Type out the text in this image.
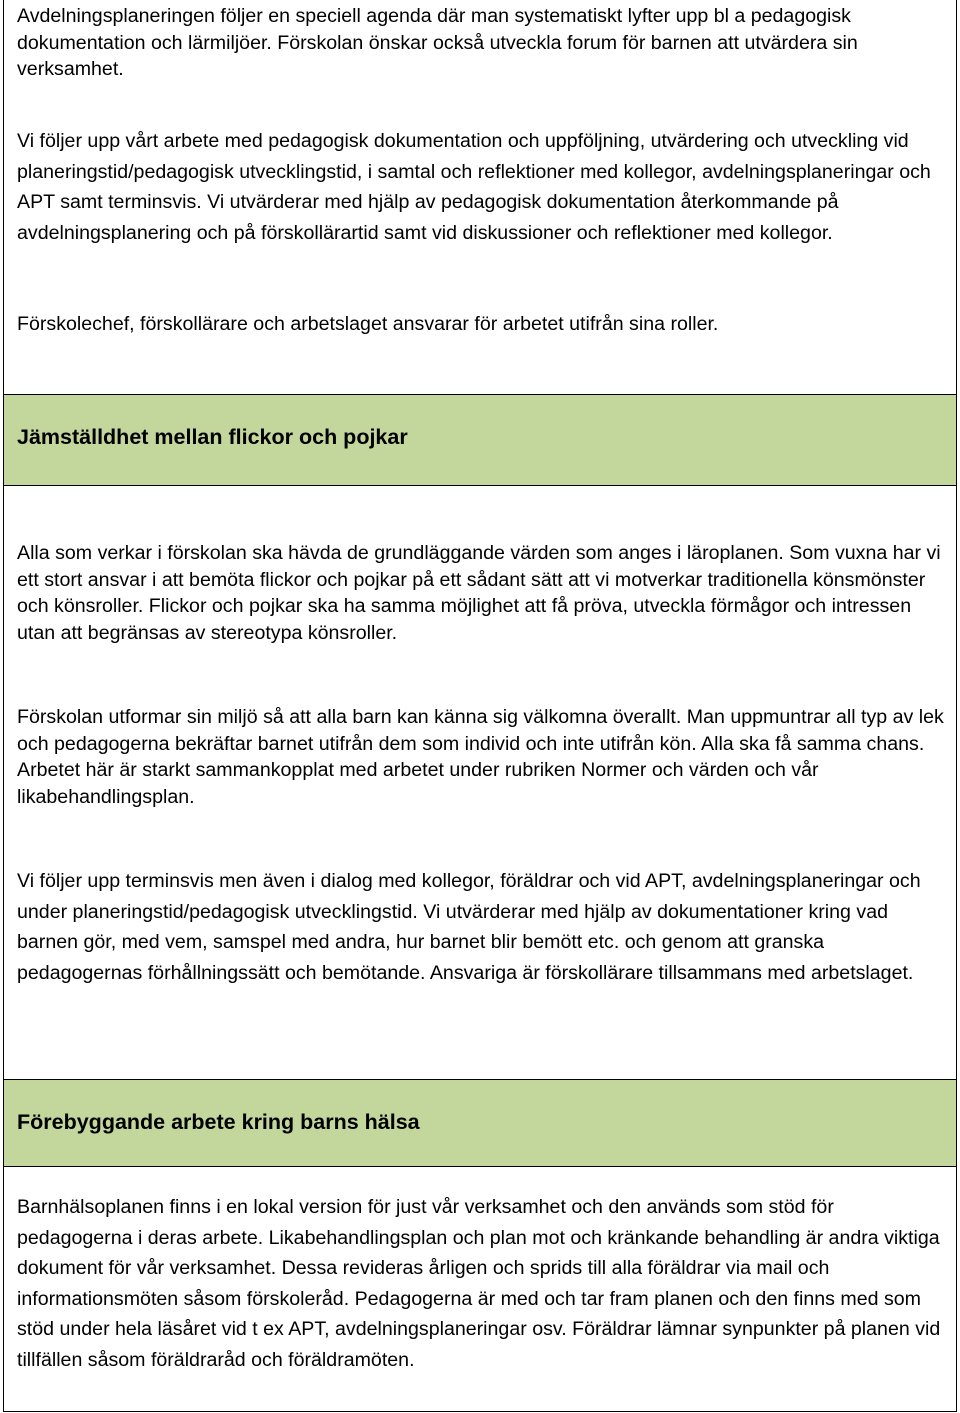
Avdelningsplaneringen följer en speciell agenda där man systematiskt lyfter upp bl a pedagogisk dokumentation och lärmiljöer. Förskolan önskar också utveckla forum för barnen att utvärdera sin verksamhet.

Vi följer upp vårt arbete med pedagogisk dokumentation och uppföljning, utvärdering och utveckling vid planeringstid/pedagogisk utvecklingstid, i samtal och reflektioner med kollegor, avdelningsplaneringar och APT samt terminsvis. Vi utvärderar med hjälp av pedagogisk dokumentation återkommande på avdelningsplanering och på förskollärartid samt vid diskussioner och reflektioner med kollegor.

Förskolechef, förskollärare och arbetslaget ansvarar för arbetet utifrån sina roller.

Jämställdhet mellan flickor och pojkar

Alla som verkar i förskolan ska hävda de grundläggande värden som anges i läroplanen. Som vuxna har vi ett stort ansvar i att bemöta flickor och pojkar på ett sådant sätt att vi motverkar traditionella könsmönster och könsroller. Flickor och pojkar ska ha samma möjlighet att få pröva, utveckla förmågor och intressen utan att begränsas av stereotypa könsroller.

Förskolan utformar sin miljö så att alla barn kan känna sig välkomna överallt. Man uppmuntrar all typ av lek och pedagogerna bekräftar barnet utifrån dem som individ och inte utifrån kön. Alla ska få samma chans. Arbetet här är starkt sammankopplat med arbetet under rubriken Normer och värden och vår likabehandlingsplan.

Vi följer upp terminsvis men även i dialog med kollegor, föräldrar och vid APT, avdelningsplaneringar och under planeringstid/pedagogisk utvecklingstid. Vi utvärderar med hjälp av dokumentationer kring vad barnen gör, med vem, samspel med andra, hur barnet blir bemött etc. och genom att granska pedagogernas förhållningssätt och bemötande. Ansvariga är förskollärare tillsammans med arbetslaget.

Förebyggande arbete kring barns hälsa

Barnhälsoplanen finns i en lokal version för just vår verksamhet och den används som stöd för pedagogerna i deras arbete. Likabehandlingsplan och plan mot och kränkande behandling är andra viktiga dokument för vår verksamhet. Dessa revideras årligen och sprids till alla föräldrar via mail och informationsmöten såsom förskoleråd. Pedagogerna är med och tar fram planen och den finns med som stöd under hela läsåret vid t ex APT, avdelningsplaneringar osv. Föräldrar lämnar synpunkter på planen vid tillfällen såsom föräldraråd och föräldramöten.
